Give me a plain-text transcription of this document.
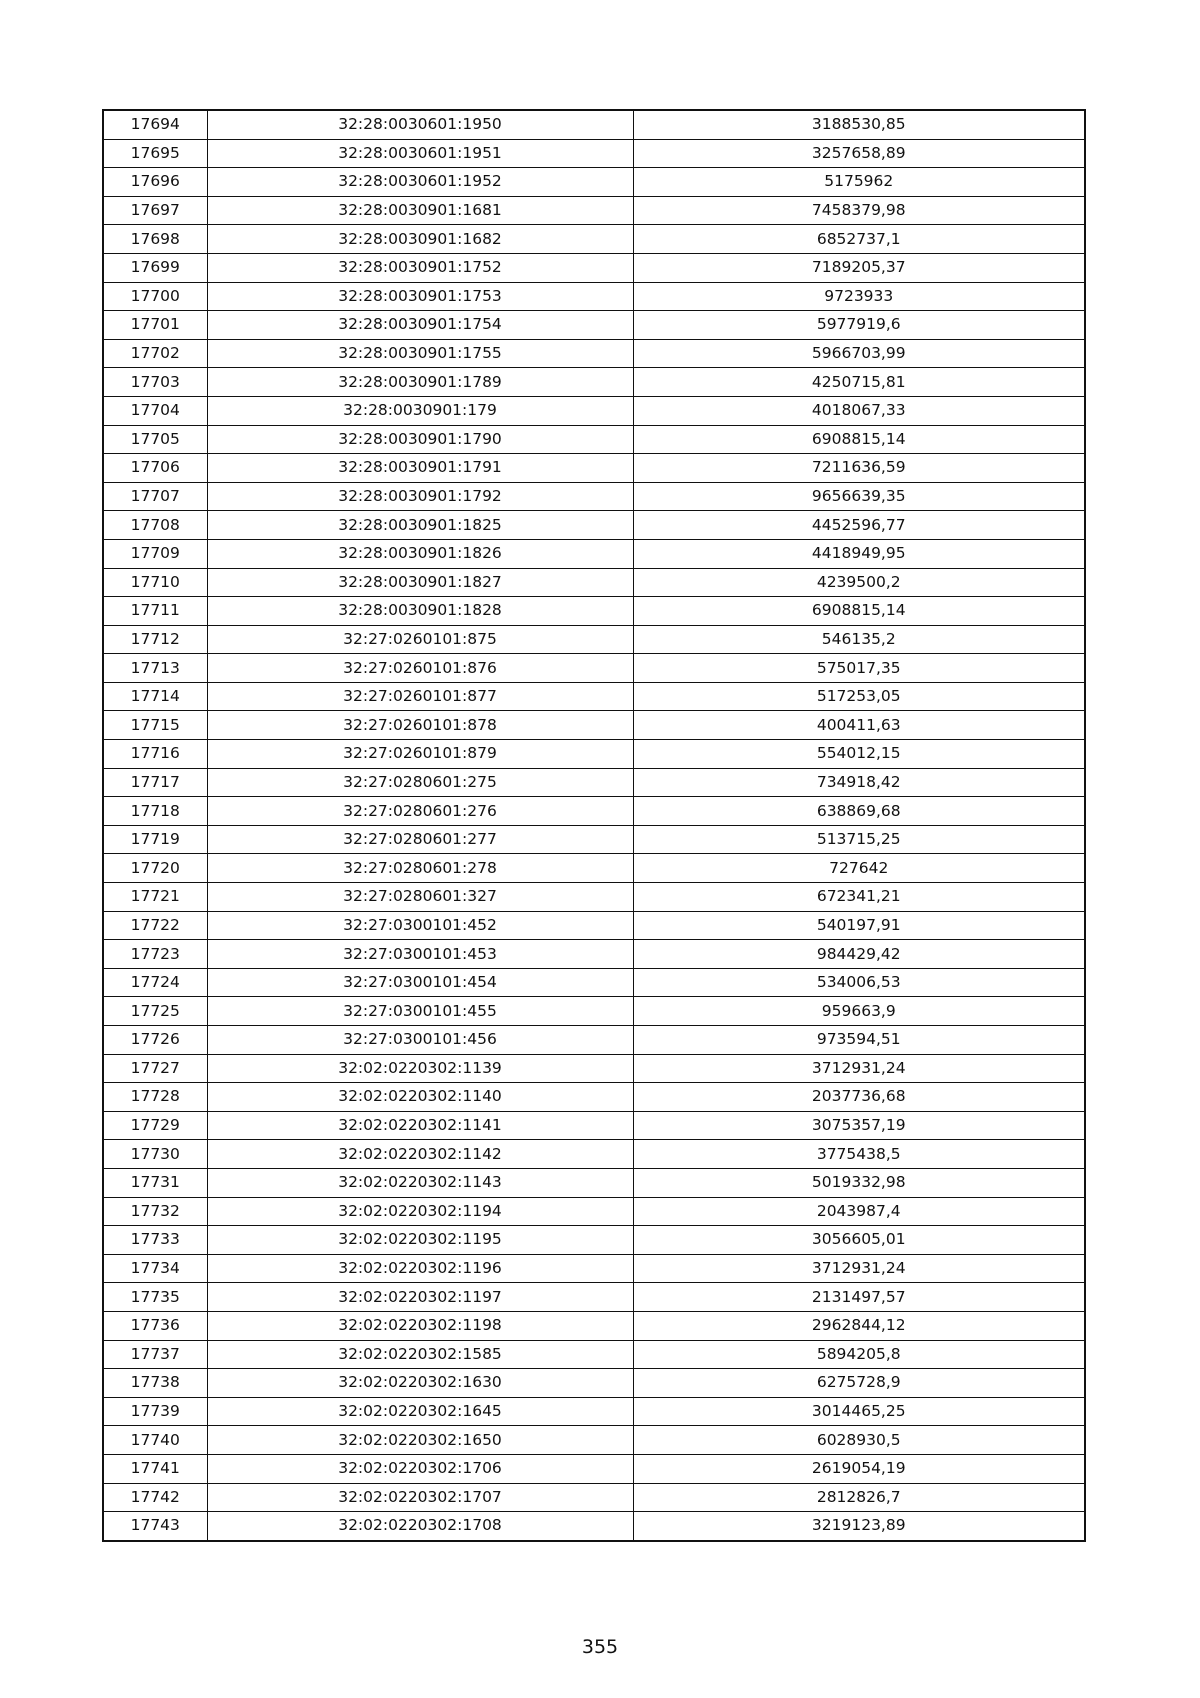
17694	32:28:0030601:1950	3188530,85
17695	32:28:0030601:1951	3257658,89
17696	32:28:0030601:1952	5175962
17697	32:28:0030901:1681	7458379,98
17698	32:28:0030901:1682	6852737,1
17699	32:28:0030901:1752	7189205,37
17700	32:28:0030901:1753	9723933
17701	32:28:0030901:1754	5977919,6
17702	32:28:0030901:1755	5966703,99
17703	32:28:0030901:1789	4250715,81
17704	32:28:0030901:179	4018067,33
17705	32:28:0030901:1790	6908815,14
17706	32:28:0030901:1791	7211636,59
17707	32:28:0030901:1792	9656639,35
17708	32:28:0030901:1825	4452596,77
17709	32:28:0030901:1826	4418949,95
17710	32:28:0030901:1827	4239500,2
17711	32:28:0030901:1828	6908815,14
17712	32:27:0260101:875	546135,2
17713	32:27:0260101:876	575017,35
17714	32:27:0260101:877	517253,05
17715	32:27:0260101:878	400411,63
17716	32:27:0260101:879	554012,15
17717	32:27:0280601:275	734918,42
17718	32:27:0280601:276	638869,68
17719	32:27:0280601:277	513715,25
17720	32:27:0280601:278	727642
17721	32:27:0280601:327	672341,21
17722	32:27:0300101:452	540197,91
17723	32:27:0300101:453	984429,42
17724	32:27:0300101:454	534006,53
17725	32:27:0300101:455	959663,9
17726	32:27:0300101:456	973594,51
17727	32:02:0220302:1139	3712931,24
17728	32:02:0220302:1140	2037736,68
17729	32:02:0220302:1141	3075357,19
17730	32:02:0220302:1142	3775438,5
17731	32:02:0220302:1143	5019332,98
17732	32:02:0220302:1194	2043987,4
17733	32:02:0220302:1195	3056605,01
17734	32:02:0220302:1196	3712931,24
17735	32:02:0220302:1197	2131497,57
17736	32:02:0220302:1198	2962844,12
17737	32:02:0220302:1585	5894205,8
17738	32:02:0220302:1630	6275728,9
17739	32:02:0220302:1645	3014465,25
17740	32:02:0220302:1650	6028930,5
17741	32:02:0220302:1706	2619054,19
17742	32:02:0220302:1707	2812826,7
17743	32:02:0220302:1708	3219123,89
355
